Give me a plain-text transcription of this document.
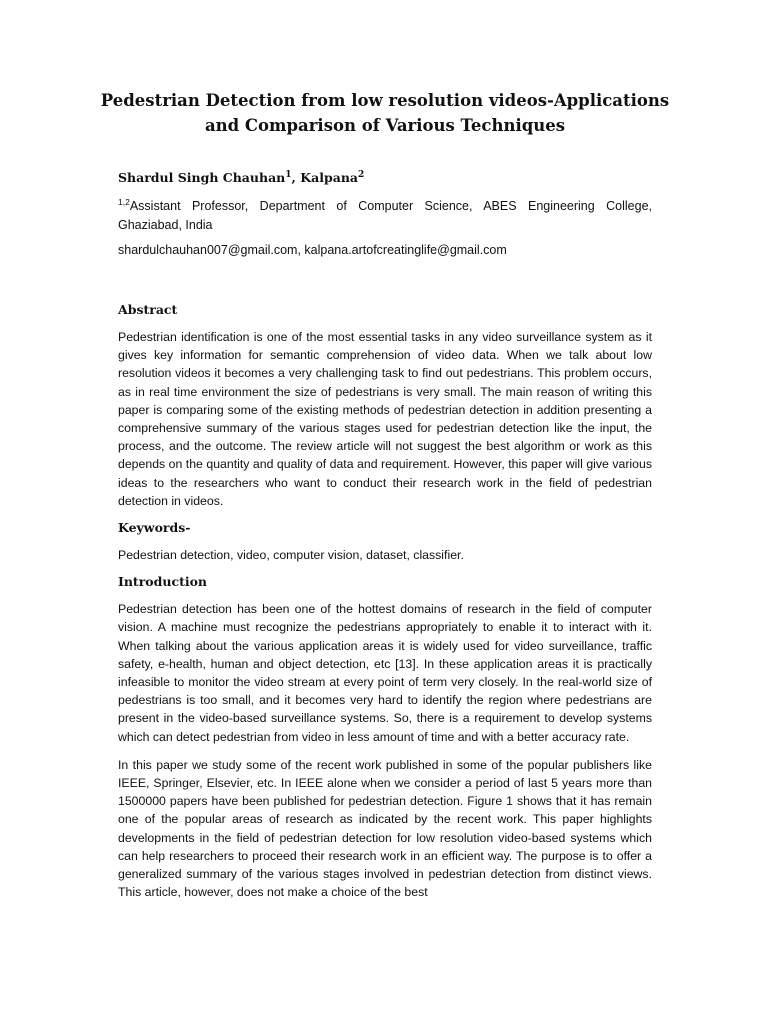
Pedestrian Detection from low resolution videos-Applications and Comparison of Various Techniques
Shardul Singh Chauhan$^1$, Kalpana$^2$
$^{1,2}$Assistant Professor, Department of Computer Science, ABES Engineering College, Ghaziabad, India
shardulchauhan007@gmail.com, kalpana.artofcreatinglife@gmail.com
Abstract
Pedestrian identification is one of the most essential tasks in any video surveillance system as it gives key information for semantic comprehension of video data. When we talk about low resolution videos it becomes a very challenging task to find out pedestrians. This problem occurs, as in real time environment the size of pedestrians is very small. The main reason of writing this paper is comparing some of the existing methods of pedestrian detection in addition presenting a comprehensive summary of the various stages used for pedestrian detection like the input, the process, and the outcome. The review article will not suggest the best algorithm or work as this depends on the quantity and quality of data and requirement. However, this paper will give various ideas to the researchers who want to conduct their research work in the field of pedestrian detection in videos.
Keywords-
Pedestrian detection, video, computer vision, dataset, classifier.
Introduction
Pedestrian detection has been one of the hottest domains of research in the field of computer vision. A machine must recognize the pedestrians appropriately to enable it to interact with it. When talking about the various application areas it is widely used for video surveillance, traffic safety, e-health, human and object detection, etc [13]. In these application areas it is practically infeasible to monitor the video stream at every point of term very closely. In the real-world size of pedestrians is too small, and it becomes very hard to identify the region where pedestrians are present in the video-based surveillance systems. So, there is a requirement to develop systems which can detect pedestrian from video in less amount of time and with a better accuracy rate.
In this paper we study some of the recent work published in some of the popular publishers like IEEE, Springer, Elsevier, etc. In IEEE alone when we consider a period of last 5 years more than 1500000 papers have been published for pedestrian detection. Figure 1 shows that it has remain one of the popular areas of research as indicated by the recent work. This paper highlights developments in the field of pedestrian detection for low resolution video-based systems which can help researchers to proceed their research work in an efficient way. The purpose is to offer a generalized summary of the various stages involved in pedestrian detection from distinct views. This article, however, does not make a choice of the best
